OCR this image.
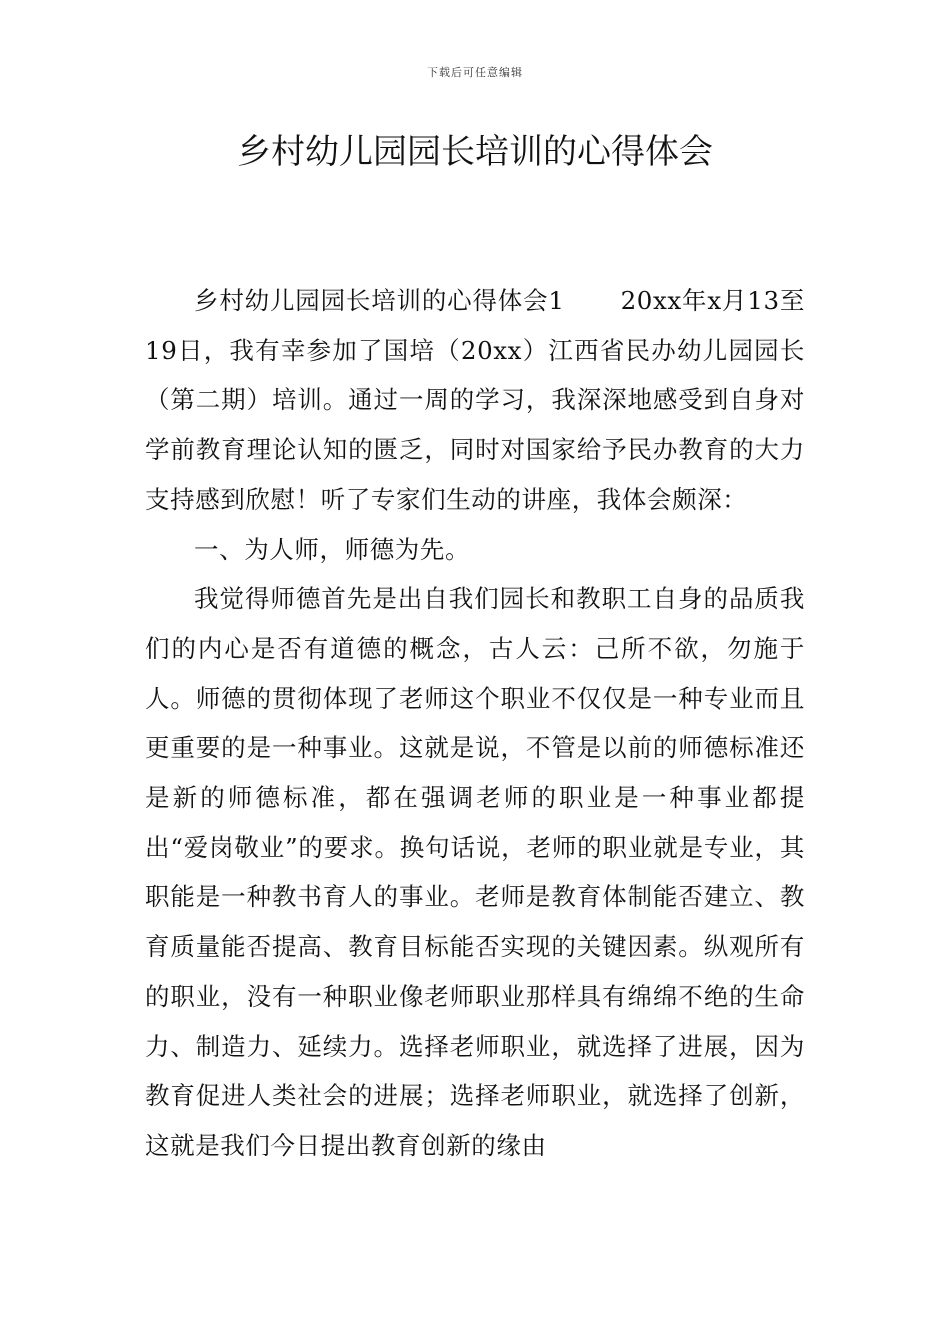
下载后可任意编辑
乡村幼儿园园长培训的心得体会

乡村幼儿园园长培训的心得体会1 20xx年x月13至19日，我有幸参加了国培（20xx）江西省民办幼儿园园长（第二期）培训。通过一周的学习，我深深地感受到自身对学前教育理论认知的匮乏，同时对国家给予民办教育的大力支持感到欣慰！听了专家们生动的讲座，我体会颇深：

一、为人师，师德为先。

我觉得师德首先是出自我们园长和教职工自身的品质我们的内心是否有道德的概念，古人云：己所不欲，勿施于人。师德的贯彻体现了老师这个职业不仅仅是一种专业而且更重要的是一种事业。这就是说，不管是以前的师德标准还是新的师德标准，都在强调老师的职业是一种事业都提出“爱岗敬业”的要求。换句话说，老师的职业就是专业，其职能是一种教书育人的事业。老师是教育体制能否建立、教育质量能否提高、教育目标能否实现的关键因素。纵观所有的职业，没有一种职业像老师职业那样具有绵绵不绝的生命力、制造力、延续力。选择老师职业，就选择了进展，因为教育促进人类社会的进展；选择老师职业，就选择了创新，这就是我们今日提出教育创新的缘由
